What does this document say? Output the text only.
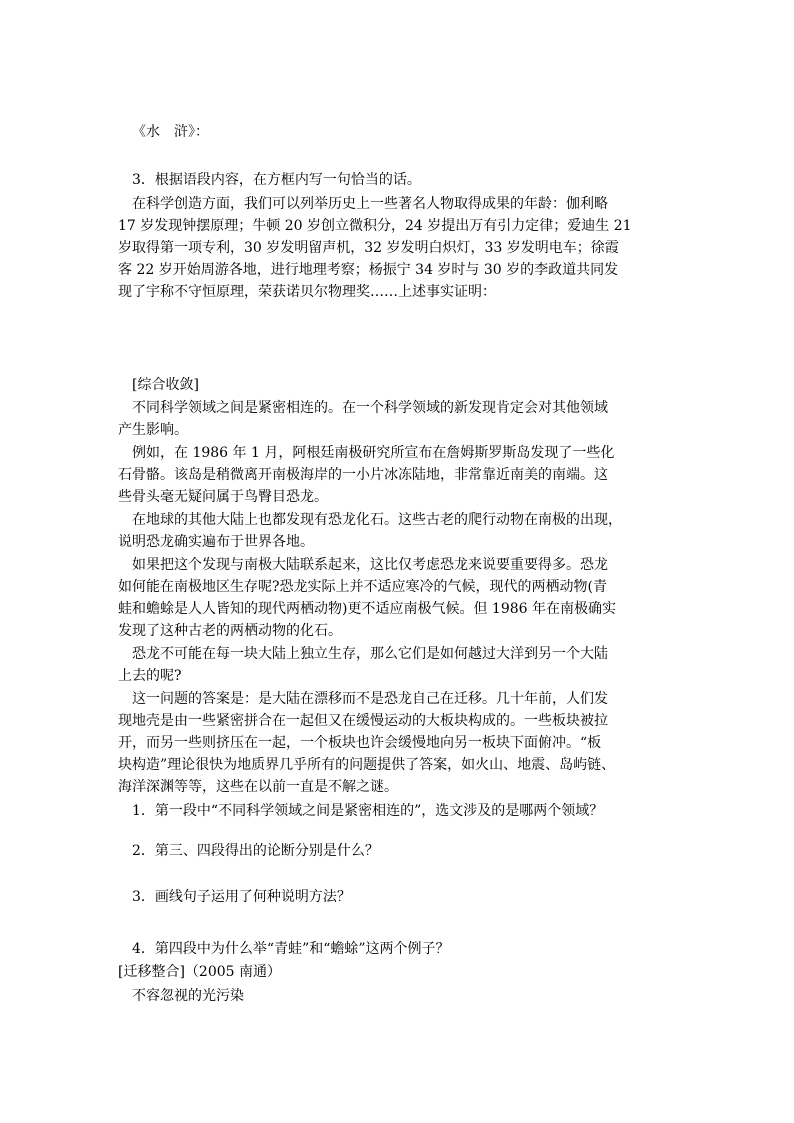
《水　浒》：
3．根据语段内容，在方框内写一句恰当的话。
在科学创造方面，我们可以列举历史上一些著名人物取得成果的年龄：伽利略
17 岁发现钟摆原理；牛顿 20 岁创立微积分，24 岁提出万有引力定律；爱迪生 21
岁取得第一项专利，30 岁发明留声机，32 岁发明白炽灯，33 岁发明电车；徐霞
客 22 岁开始周游各地，进行地理考察；杨振宁 34 岁时与 30 岁的李政道共同发
现了宇称不守恒原理，荣获诺贝尔物理奖……上述事实证明：
[综合收敛]
不同科学领域之间是紧密相连的。在一个科学领域的新发现肯定会对其他领域
产生影响。
例如，在 1986 年 1 月，阿根廷南极研究所宣布在詹姆斯罗斯岛发现了一些化
石骨骼。该岛是稍微离开南极海岸的一小片冰冻陆地，非常靠近南美的南端。这
些骨头毫无疑问属于鸟臀目恐龙。
在地球的其他大陆上也都发现有恐龙化石。这些古老的爬行动物在南极的出现，
说明恐龙确实遍布于世界各地。
如果把这个发现与南极大陆联系起来，这比仅考虑恐龙来说要重要得多。恐龙
如何能在南极地区生存呢?恐龙实际上并不适应寒冷的气候，现代的两栖动物(青
蛙和蟾蜍是人人皆知的现代两栖动物)更不适应南极气候。但 1986 年在南极确实
发现了这种古老的两栖动物的化石。
恐龙不可能在每一块大陆上独立生存，那么它们是如何越过大洋到另一个大陆
上去的呢?
这一问题的答案是：是大陆在漂移而不是恐龙自己在迁移。几十年前，人们发
现地壳是由一些紧密拼合在一起但又在缓慢运动的大板块构成的。一些板块被拉
开，而另一些则挤压在一起，一个板块也许会缓慢地向另一板块下面俯冲。“板
块构造”理论很快为地质界几乎所有的问题提供了答案，如火山、地震、岛屿链、
海洋深渊等等，这些在以前一直是不解之谜。
1．第一段中“不同科学领域之间是紧密相连的”，选文涉及的是哪两个领域？
2．第三、四段得出的论断分别是什么？
3．画线句子运用了何种说明方法？
4．第四段中为什么举“青蛙”和“蟾蜍”这两个例子？
[迁移整合]（2005 南通）
不容忽视的光污染
